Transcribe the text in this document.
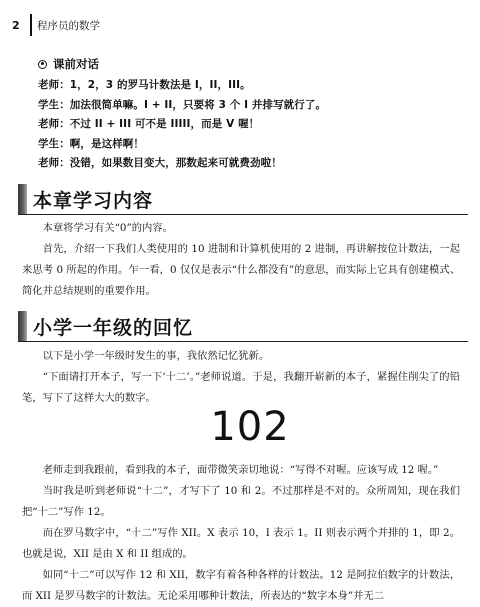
2	程序员的数学
课前对话
老师：1，2，3 的罗马计数法是 I，II，III。
学生：加法很简单嘛。I + II，只要将 3 个 I 并排写就行了。
老师：不过 II + III 可不是 IIIII，而是 V 喔！
学生：啊，是这样啊！
老师：没错，如果数目变大，那数起来可就费劲啦！
本章学习内容

本章将学习有关“0”的内容。

首先，介绍一下我们人类使用的 10 进制和计算机使用的 2 进制，再讲解按位计数法，一起来思考 0 所起的作用。乍一看，0 仅仅是表示“什么都没有”的意思，而实际上它具有创建模式、简化并总结规则的重要作用。

小学一年级的回忆

以下是小学一年级时发生的事，我依然记忆犹新。

“下面请打开本子，写一下‘十二’。”老师说道。于是，我翻开崭新的本子，紧握住削尖了的铅笔，写下了这样大大的数字。

102

老师走到我跟前，看到我的本子，面带微笑亲切地说：“写得不对喔。应该写成 12 喔。”

当时我是听到老师说“十二”，才写下了 10 和 2。不过那样是不对的。众所周知，现在我们把“十二”写作 12。

而在罗马数字中，“十二”写作 XII。X 表示 10，I 表示 1。II 则表示两个并排的 1，即 2。也就是说，XII 是由 X 和 II 组成的。

如同“十二”可以写作 12 和 XII，数字有着各种各样的计数法。12 是阿拉伯数字的计数法，而 XII 是罗马数字的计数法。无论采用哪种计数法，所表达的“数字本身”并无二
